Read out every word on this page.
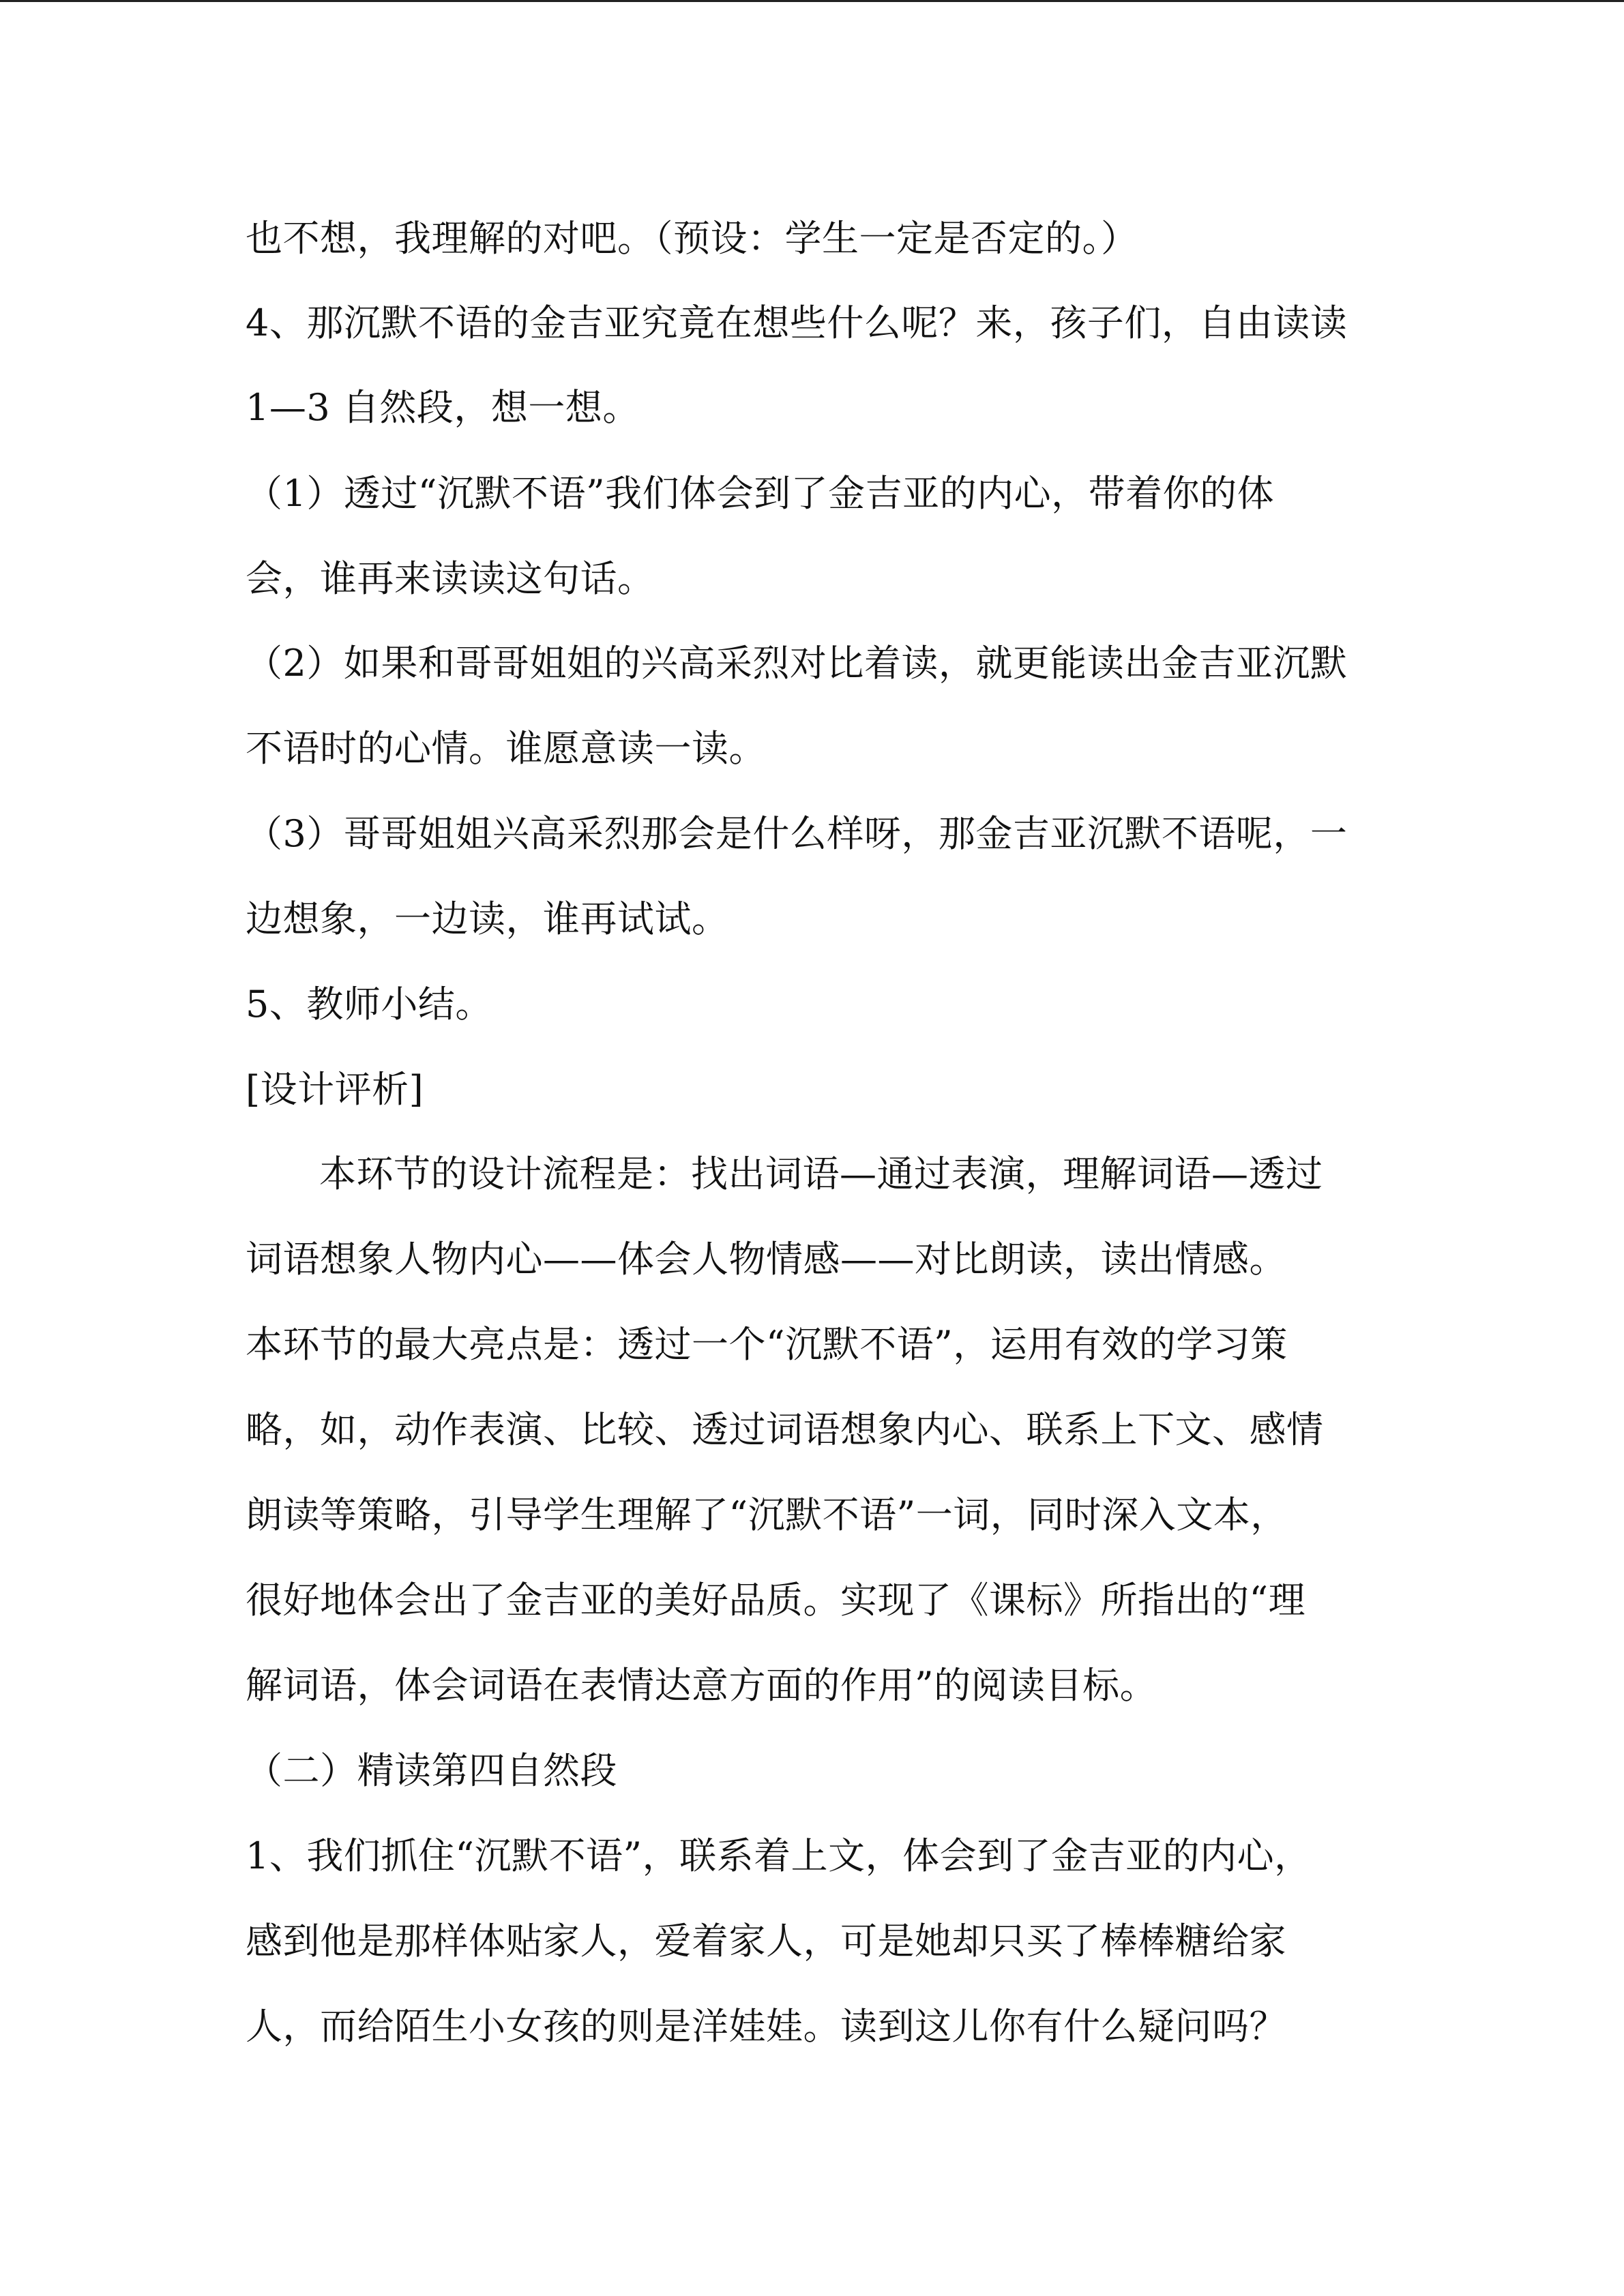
也不想，我理解的对吧。（预设：学生一定是否定的。）
4、那沉默不语的金吉亚究竟在想些什么呢？来，孩子们，自由读读
1—3 自然段，想一想。
（1）透过“沉默不语”我们体会到了金吉亚的内心，带着你的体
会，谁再来读读这句话。
（2）如果和哥哥姐姐的兴高采烈对比着读，就更能读出金吉亚沉默
不语时的心情。谁愿意读一读。
（3）哥哥姐姐兴高采烈那会是什么样呀，那金吉亚沉默不语呢，一
边想象，一边读，谁再试试。
5、教师小结。
[设计评析]
本环节的设计流程是：找出词语—通过表演，理解词语—透过
词语想象人物内心——体会人物情感——对比朗读，读出情感。
本环节的最大亮点是：透过一个“沉默不语”，运用有效的学习策
略，如，动作表演、比较、透过词语想象内心、联系上下文、感情
朗读等策略，引导学生理解了“沉默不语”一词，同时深入文本，
很好地体会出了金吉亚的美好品质。实现了《课标》所指出的“理
解词语，体会词语在表情达意方面的作用”的阅读目标。
（二）精读第四自然段
1、我们抓住“沉默不语”，联系着上文，体会到了金吉亚的内心，
感到他是那样体贴家人，爱着家人，可是她却只买了棒棒糖给家
人，而给陌生小女孩的则是洋娃娃。读到这儿你有什么疑问吗？
